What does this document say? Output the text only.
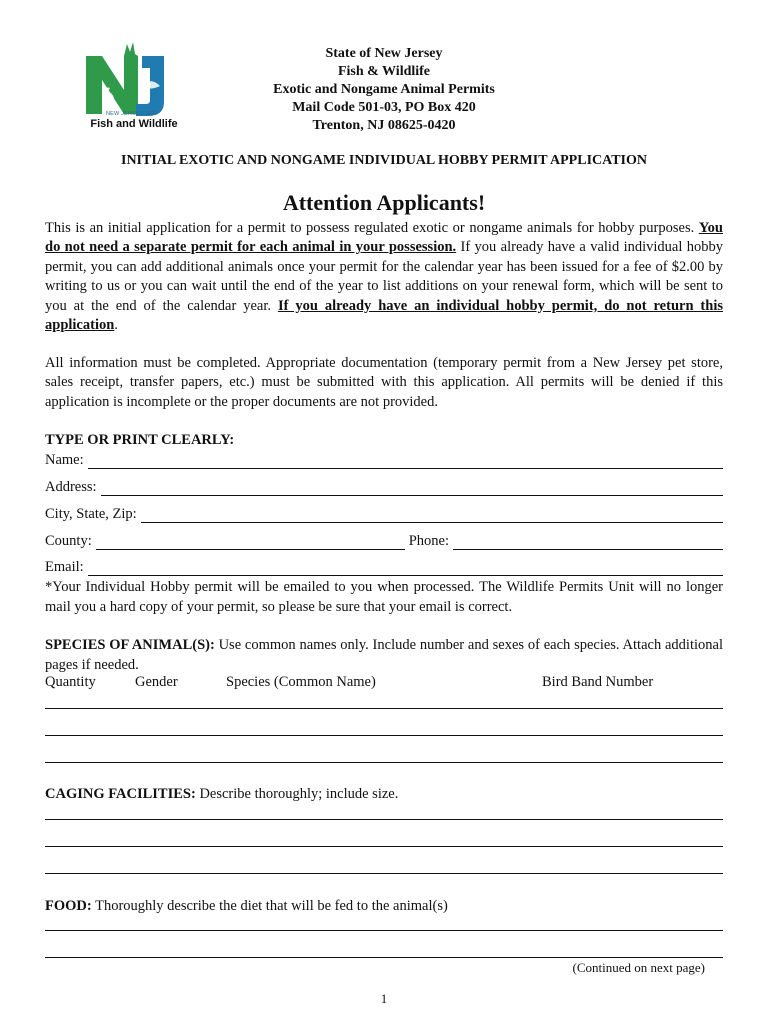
NEW JERSEY DEP
Fish and Wildlife
State of New Jersey
Fish & Wildlife
Exotic and Nongame Animal Permits
Mail Code 501-03, PO Box 420
Trenton, NJ 08625-0420
INITIAL EXOTIC AND NONGAME INDIVIDUAL HOBBY PERMIT APPLICATION
Attention Applicants!
This is an initial application for a permit to possess regulated exotic or nongame animals for hobby purposes. You do not need a separate permit for each animal in your possession. If you already have a valid individual hobby permit, you can add additional animals once your permit for the calendar year has been issued for a fee of $2.00 by writing to us or you can wait until the end of the year to list additions on your renewal form, which will be sent to you at the end of the calendar year. If you already have an individual hobby permit, do not return this application.
All information must be completed. Appropriate documentation (temporary permit from a New Jersey pet store, sales receipt, transfer papers, etc.) must be submitted with this application. All permits will be denied if this application is incomplete or the proper documents are not provided.
TYPE OR PRINT CLEARLY:
Name:
Address:
City, State, Zip:
County:	Phone:
Email:
*Your Individual Hobby permit will be emailed to you when processed. The Wildlife Permits Unit will no longer mail you a hard copy of your permit, so please be sure that your email is correct.
SPECIES OF ANIMAL(S): Use common names only. Include number and sexes of each species. Attach additional pages if needed.
Quantity	Gender	Species (Common Name)	Bird Band Number
CAGING FACILITIES: Describe thoroughly; include size.
FOOD: Thoroughly describe the diet that will be fed to the animal(s)
(Continued on next page)
1
